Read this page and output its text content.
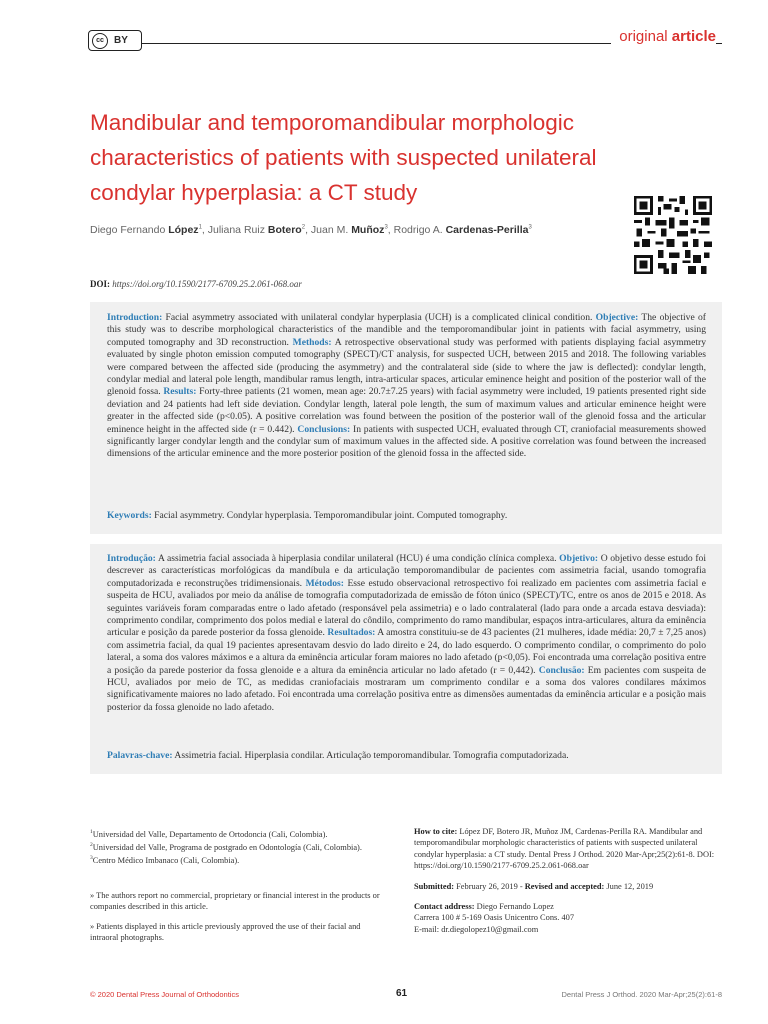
cc	BY	original article
Mandibular and temporomandibular morphologic characteristics of patients with suspected unilateral condylar hyperplasia: a CT study
Diego Fernando López$^1$, Juliana Ruiz Botero$^2$, Juan M. Muñoz$^3$, Rodrigo A. Cardenas-Perilla$^3$
DOI: https://doi.org/10.1590/2177-6709.25.2.061-068.oar

Introduction: Facial asymmetry associated with unilateral condylar hyperplasia (UCH) is a complicated clinical condition. Objective: The objective of this study was to describe morphological characteristics of the mandible and the temporomandibular joint in patients with facial asymmetry, using computed tomography and 3D reconstruction. Methods: A retrospective observational study was performed with patients displaying facial asymmetry evaluated by single photon emission computed tomography (SPECT)/CT analysis, for suspected UCH, between 2015 and 2018. The following variables were compared between the affected side (producing the asymmetry) and the contralateral side (side to where the jaw is deflected): condylar length, condylar medial and lateral pole length, mandibular ramus length, intra-articular spaces, articular eminence height and position of the posterior wall of the glenoid fossa. Results: Forty-three patients (21 women, mean age: 20.7±7.25 years) with facial asymmetry were included, 19 patients presented right side deviation and 24 patients had left side deviation. Condylar length, lateral pole length, the sum of maximum values and articular eminence height were greater in the affected side (p<0.05). A positive correlation was found between the position of the posterior wall of the glenoid fossa and the articular eminence height in the affected side (r = 0.442). Conclusions: In patients with suspected UCH, evaluated through CT, craniofacial measurements showed significantly larger condylar length and the condylar sum of maximum values in the affected side. A positive correlation was found between the increased dimensions of the articular eminence and the more posterior position of the glenoid fossa in the affected side.

Keywords: Facial asymmetry. Condylar hyperplasia. Temporomandibular joint. Computed tomography.

Introdução: A assimetria facial associada à hiperplasia condilar unilateral (HCU) é uma condição clínica complexa. Objetivo: O objetivo desse estudo foi descrever as características morfológicas da mandíbula e da articulação temporomandibular de pacientes com assimetria facial, usando tomografia computadorizada e reconstruções tridimensionais. Métodos: Esse estudo observacional retrospectivo foi realizado em pacientes com assimetria facial e suspeita de HCU, avaliados por meio da análise de tomografia computadorizada de emissão de fóton único (SPECT)/TC, entre os anos de 2015 e 2018. As seguintes variáveis foram comparadas entre o lado afetado (responsável pela assimetria) e o lado contralateral (lado para onde a arcada estava desviada): comprimento condilar, comprimento dos polos medial e lateral do côndilo, comprimento do ramo mandibular, espaços intra-articulares, altura da eminência articular e posição da parede posterior da fossa glenoide. Resultados: A amostra constituiu-se de 43 pacientes (21 mulheres, idade média: 20,7 ± 7,25 anos) com assimetria facial, da qual 19 pacientes apresentavam desvio do lado direito e 24, do lado esquerdo. O comprimento condilar, o comprimento do polo lateral, a soma dos valores máximos e a altura da eminência articular foram maiores no lado afetado (p<0,05). Foi encontrada uma correlação positiva entre a posição da parede posterior da fossa glenoide e a altura da eminência articular no lado afetado (r = 0,442). Conclusão: Em pacientes com suspeita de HCU, avaliados por meio de TC, as medidas craniofaciais mostraram um comprimento condilar e a soma dos valores condilares máximos significativamente maiores no lado afetado. Foi encontrada uma correlação positiva entre as dimensões aumentadas da eminência articular e a posição mais posterior da fossa glenoide no lado afetado.

Palavras-chave: Assimetria facial. Hiperplasia condilar. Articulação temporomandibular. Tomografia computadorizada.

$^1$Universidad del Valle, Departamento de Ortodoncia (Cali, Colombia).
$^2$Universidad del Valle, Programa de postgrado en Odontología (Cali, Colombia).
$^3$Centro Médico Imbanaco (Cali, Colombia).

» The authors report no commercial, proprietary or financial interest in the products or companies described in this article.

» Patients displayed in this article previously approved the use of their facial and intraoral photographs.

How to cite: López DF, Botero JR, Muñoz JM, Cardenas-Perilla RA. Mandibular and temporomandibular morphologic characteristics of patients with suspected unilateral condylar hyperplasia: a CT study. Dental Press J Orthod. 2020 Mar-Apr;25(2):61-8. DOI: https://doi.org/10.1590/2177-6709.25.2.061-068.oar

Submitted: February 26, 2019 - Revised and accepted: June 12, 2019

Contact address: Diego Fernando Lopez
Carrera 100 # 5-169 Oasis Unicentro Cons. 407
E-mail: dr.diegolopez10@gmail.com

© 2020 Dental Press Journal of Orthodontics	61	Dental Press J Orthod. 2020 Mar-Apr;25(2):61-8
